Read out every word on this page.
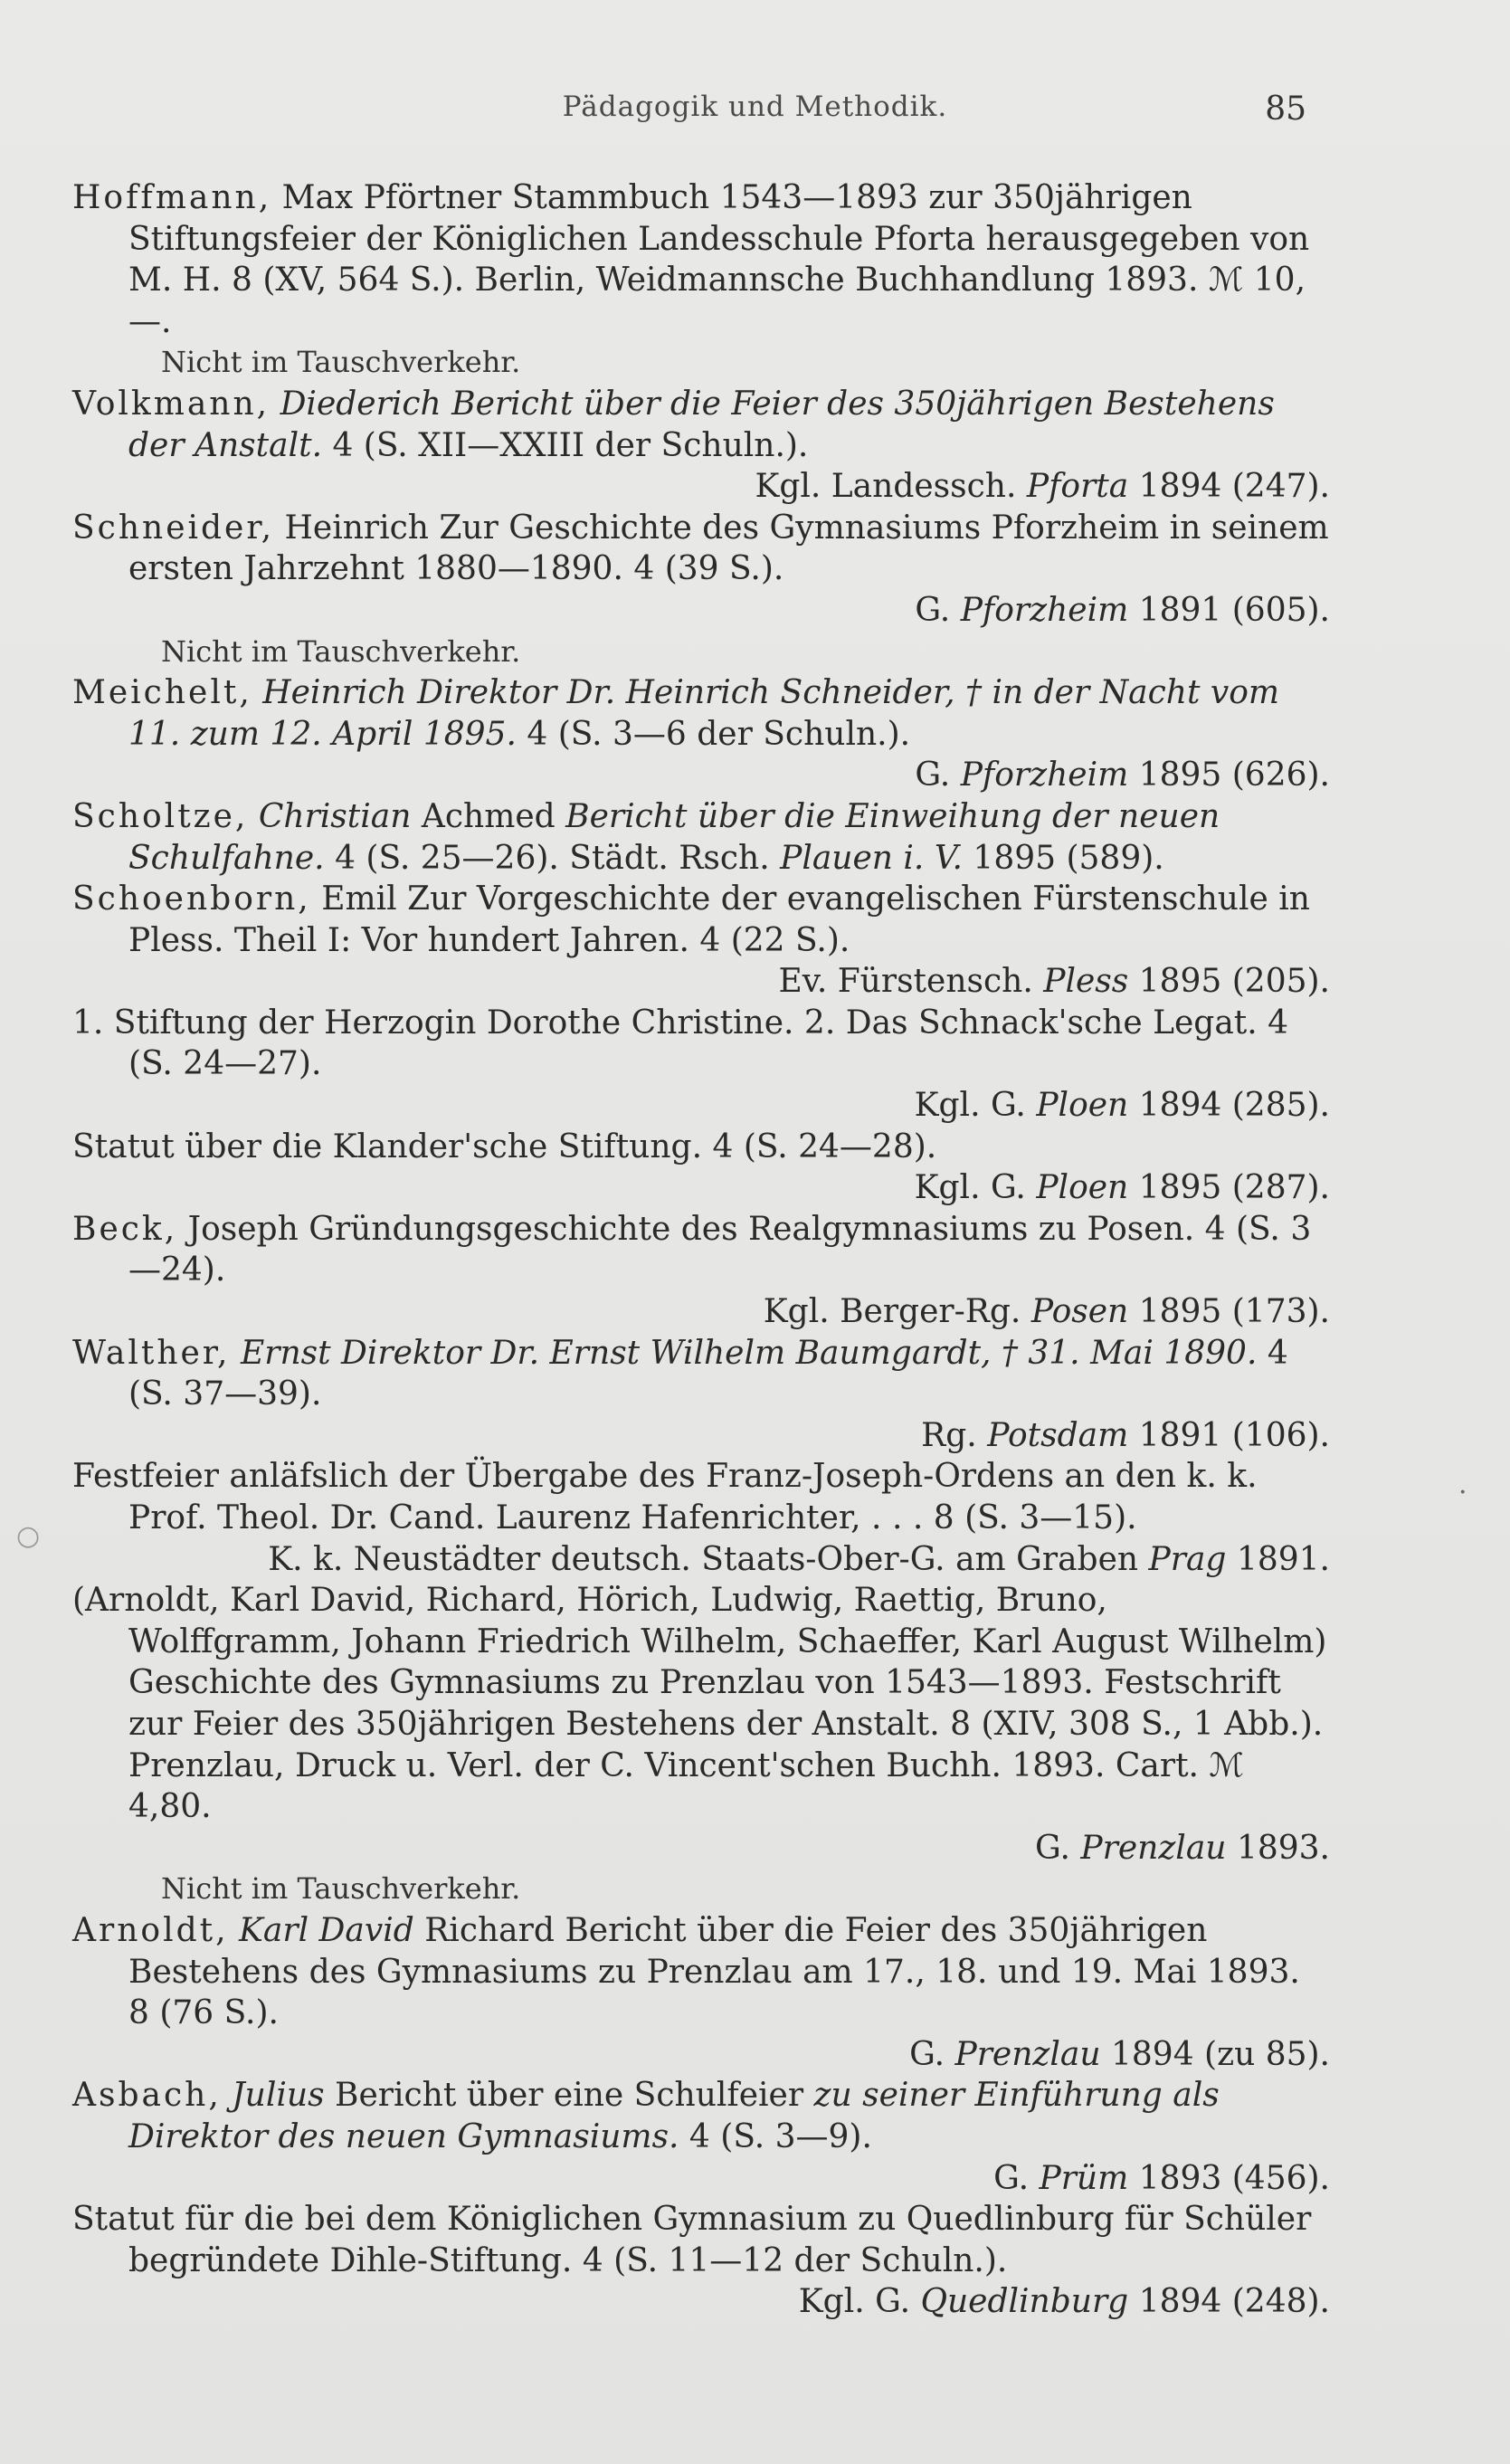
Pädagogik und Methodik.	85
○
·

Hoffmann, Max Pförtner Stammbuch 1543—1893 zur 350jährigen Stiftungsfeier der Königlichen Landesschule Pforta herausgegeben von M. H. 8 (XV, 564 S.). Berlin, Weidmannsche Buchhandlung 1893. ℳ 10,—.

Nicht im Tauschverkehr.

Volkmann, Diederich Bericht über die Feier des 350jährigen Bestehens der Anstalt. 4 (S. XII—XXIII der Schuln.).
Kgl. Landessch. Pforta 1894 (247).

Schneider, Heinrich Zur Geschichte des Gymnasiums Pforzheim in seinem ersten Jahrzehnt 1880—1890. 4 (39 S.).
G. Pforzheim 1891 (605).

Nicht im Tauschverkehr.

Meichelt, Heinrich Direktor Dr. Heinrich Schneider, † in der Nacht vom 11. zum 12. April 1895. 4 (S. 3—6 der Schuln.).
G. Pforzheim 1895 (626).

Scholtze, Christian Achmed Bericht über die Einweihung der neuen Schulfahne. 4 (S. 25—26). Städt. Rsch. Plauen i. V. 1895 (589).

Schoenborn, Emil Zur Vorgeschichte der evangelischen Fürstenschule in Pless. Theil I: Vor hundert Jahren. 4 (22 S.).
Ev. Fürstensch. Pless 1895 (205).

1. Stiftung der Herzogin Dorothe Christine. 2. Das Schnack'sche Legat. 4 (S. 24—27).
Kgl. G. Ploen 1894 (285).

Statut über die Klander'sche Stiftung. 4 (S. 24—28).
Kgl. G. Ploen 1895 (287).

Beck, Joseph Gründungsgeschichte des Realgymnasiums zu Posen. 4 (S. 3—24).
Kgl. Berger-Rg. Posen 1895 (173).

Walther, Ernst Direktor Dr. Ernst Wilhelm Baumgardt, † 31. Mai 1890. 4 (S. 37—39).
Rg. Potsdam 1891 (106).

Festfeier anläfslich der Übergabe des Franz-Joseph-Ordens an den k. k. Prof. Theol. Dr. Cand. Laurenz Hafenrichter, . . . 8 (S. 3—15).
K. k. Neustädter deutsch. Staats-Ober-G. am Graben Prag 1891.

(Arnoldt, Karl David, Richard, Hörich, Ludwig, Raettig, Bruno, Wolffgramm, Johann Friedrich Wilhelm, Schaeffer, Karl August Wilhelm) Geschichte des Gymnasiums zu Prenzlau von 1543—1893. Festschrift zur Feier des 350jährigen Bestehens der Anstalt. 8 (XIV, 308 S., 1 Abb.). Prenzlau, Druck u. Verl. der C. Vincent'schen Buchh. 1893. Cart. ℳ 4,80.
G. Prenzlau 1893.

Nicht im Tauschverkehr.

Arnoldt, Karl David Richard Bericht über die Feier des 350jährigen Bestehens des Gymnasiums zu Prenzlau am 17., 18. und 19. Mai 1893. 8 (76 S.).
G. Prenzlau 1894 (zu 85).

Asbach, Julius Bericht über eine Schulfeier zu seiner Einführung als Direktor des neuen Gymnasiums. 4 (S. 3—9).
G. Prüm 1893 (456).

Statut für die bei dem Königlichen Gymnasium zu Quedlinburg für Schüler begründete Dihle-Stiftung. 4 (S. 11—12 der Schuln.).
Kgl. G. Quedlinburg 1894 (248).
